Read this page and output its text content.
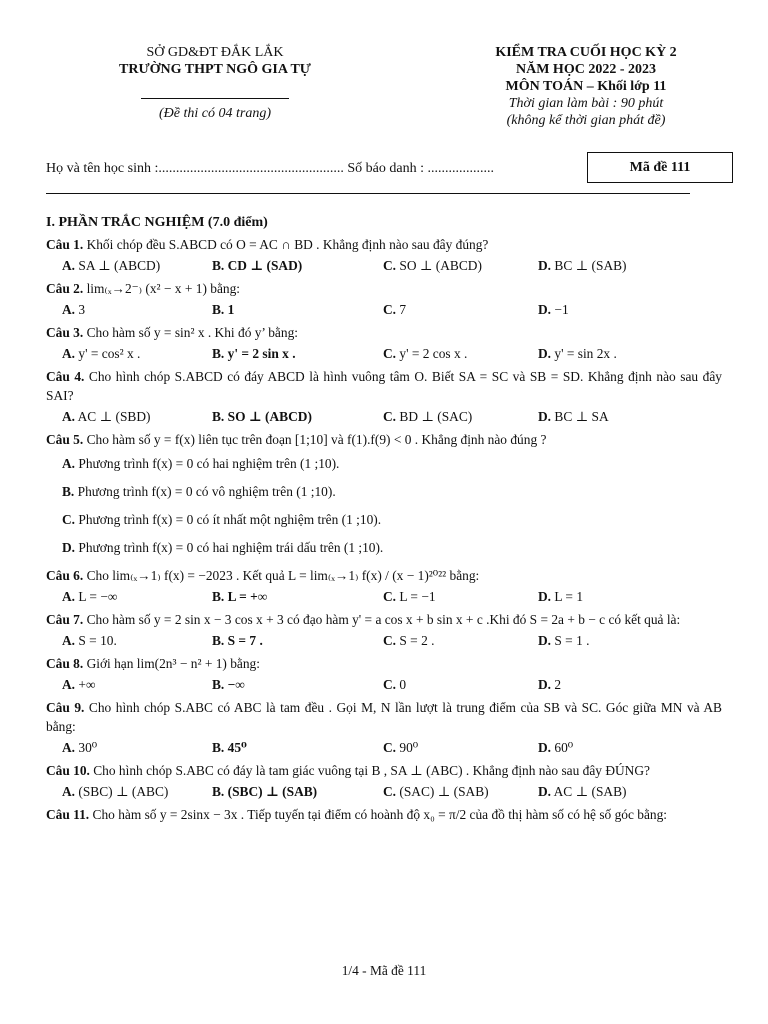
SỞ GD&ĐT ĐẮK LẮK
TRƯỜNG THPT NGÔ GIA TỰ
(Đề thi có 04 trang)
KIỂM TRA CUỐI HỌC KỲ 2
NĂM HỌC 2022 - 2023
MÔN TOÁN – Khối lớp 11
Thời gian làm bài : 90 phút
(không kể thời gian phát đề)
Họ và tên học sinh :..................................................... Số báo danh : ...................	Mã đề 111
I. PHẦN TRẮC NGHIỆM (7.0 điểm)
Câu 1. Khối chóp đều S.ABCD có O = AC ∩ BD . Khẳng định nào sau đây đúng?
A. SA ⊥ (ABCD)	B. CD ⊥ (SAD)	C. SO ⊥ (ABCD)	D. BC ⊥ (SAB)
Câu 2. lim₍ₓ→2⁻₎ (x² − x + 1) bằng:
A. 3	B. 1	C. 7	D. −1
Câu 3. Cho hàm số y = sin² x . Khi đó y’ bằng:
A. y' = cos² x .	B. y' = 2 sin x .	C. y' = 2 cos x .	D. y' = sin 2x .
Câu 4. Cho hình chóp S.ABCD có đáy ABCD là hình vuông tâm O. Biết SA = SC và SB = SD. Khẳng định nào sau đây SAI?
A. AC ⊥ (SBD)	B. SO ⊥ (ABCD)	C. BD ⊥ (SAC)	D. BC ⊥ SA
Câu 5. Cho hàm số y = f(x) liên tục trên đoạn [1;10] và f(1).f(9) < 0 . Khẳng định nào đúng ?
A. Phương trình f(x) = 0 có hai nghiệm trên (1 ;10).
B. Phương trình f(x) = 0 có vô nghiệm trên (1 ;10).
C. Phương trình f(x) = 0 có ít nhất một nghiệm trên (1 ;10).
D. Phương trình f(x) = 0 có hai nghiệm trái dấu trên (1 ;10).
Câu 6. Cho lim₍ₓ→1₎ f(x) = −2023 . Kết quả L = lim₍ₓ→1₎ f(x) / (x − 1)²⁰²² bằng:
A. L = −∞	B. L = +∞	C. L = −1	D. L = 1
Câu 7. Cho hàm số y = 2 sin x − 3 cos x + 3 có đạo hàm y' = a cos x + b sin x + c .Khi đó S = 2a + b − c có kết quả là:
A. S = 10.	B. S = 7 .	C. S = 2 .	D. S = 1 .
Câu 8. Giới hạn lim(2n³ − n² + 1) bằng:
A. +∞	B. −∞	C. 0	D. 2
Câu 9. Cho hình chóp S.ABC có ABC là tam đều . Gọi M, N lần lượt là trung điểm của SB và SC. Góc giữa MN và AB bằng:
A. 30⁰	B. 45⁰	C. 90⁰	D. 60⁰
Câu 10. Cho hình chóp S.ABC có đáy là tam giác vuông tại B , SA ⊥ (ABC) . Khẳng định nào sau đây ĐÚNG?
A. (SBC) ⊥ (ABC)	B. (SBC) ⊥ (SAB)	C. (SAC) ⊥ (SAB)	D. AC ⊥ (SAB)
Câu 11. Cho hàm số y = 2sinx − 3x . Tiếp tuyến tại điểm có hoành độ x₀ = π/2 của đồ thị hàm số có hệ số góc bằng:
1/4 - Mã đề 111
